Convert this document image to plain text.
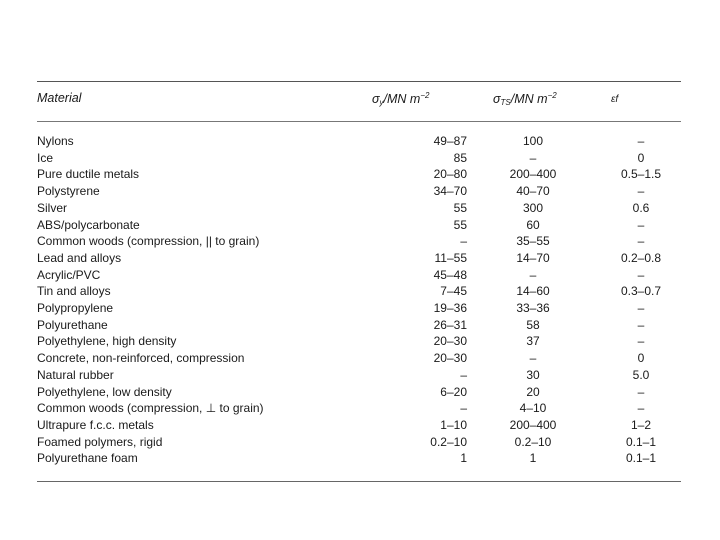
Material	$\sigma_y/MN$ $m^{-2}$	$\sigma_{TS}/MN$ $m^{-2}$	εf
Nylons	49–87	100	–
Ice	85	–	0
Pure ductile metals	20–80	200–400	0.5–1.5
Polystyrene	34–70	40–70	–
Silver	55	300	0.6
ABS/polycarbonate	55	60	–
Common woods (compression, || to grain)	–	35–55	–
Lead and alloys	11–55	14–70	0.2–0.8
Acrylic/PVC	45–48	–	–
Tin and alloys	7–45	14–60	0.3–0.7
Polypropylene	19–36	33–36	–
Polyurethane	26–31	58	–
Polyethylene, high density	20–30	37	–
Concrete, non-reinforced, compression	20–30	–	0
Natural rubber	–	30	5.0
Polyethylene, low density	6–20	20	–
Common woods (compression, ⊥ to grain)	–	4–10	–
Ultrapure f.c.c. metals	1–10	200–400	1–2
Foamed polymers, rigid	0.2–10	0.2–10	0.1–1
Polyurethane foam	1	1	0.1–1
